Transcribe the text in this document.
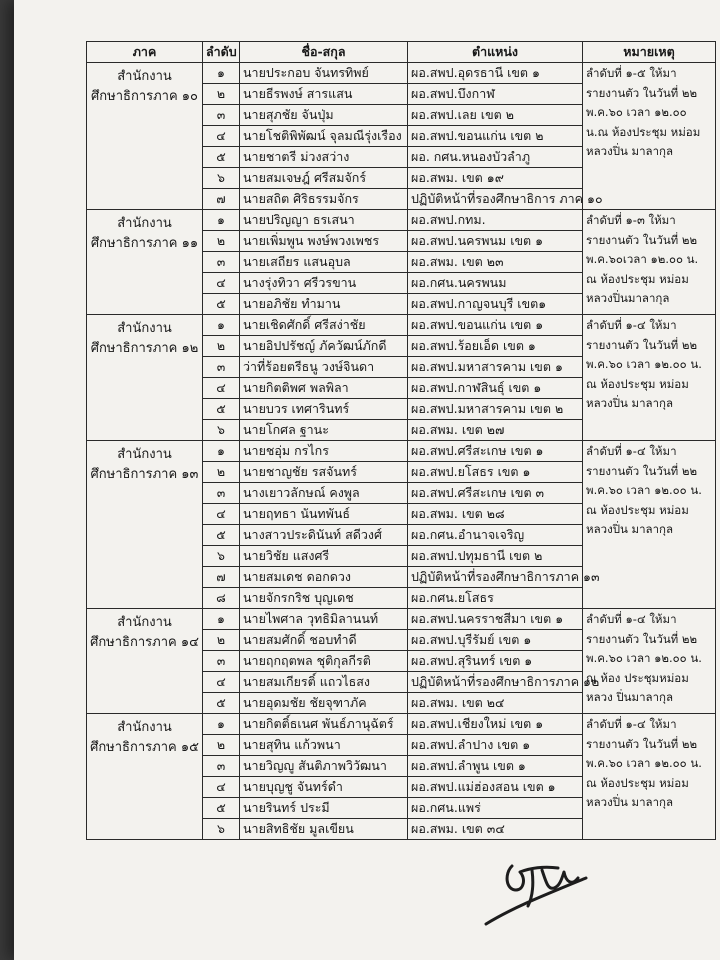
ภาค	ลำดับ	ชื่อ-สกุล	ตำแหน่ง	หมายเหตุ
สำนักงาน ศึกษาธิการภาค ๑๐	๑	นายประกอบ จันทรทิพย์	ผอ.สพป.อุดรธานี เขต ๑	ลำดับที่ ๑-๕ ให้มารายงานตัว ในวันที่ ๒๒ พ.ค.๖๐ เวลา ๑๒.๐๐ น.ณ ห้องประชุม หม่อมหลวงปิ่น มาลากุล
	๒	นายธีรพงษ์ สารแสน	ผอ.สพป.บึงกาฬ	
	๓	นายสุภชัย จันปุ่ม	ผอ.สพป.เลย เขต ๒	
	๔	นายโชติพิพัฒน์ จุลมณีรุ่งเรือง	ผอ.สพป.ขอนแก่น เขต ๒	
	๕	นายชาตรี ม่วงสว่าง	ผอ. กศน.หนองบัวลำภู	
	๖	นายสมเจษฎ์ ศรีสมจักร์	ผอ.สพม. เขต ๑๙	
	๗	นายสถิต ศิริธรรมจักร	ปฏิบัติหน้าที่รองศึกษาธิการ ภาค ๑๐	
สำนักงาน ศึกษาธิการภาค ๑๑	๑	นายปริญญา ธรเสนา	ผอ.สพป.กทม.	ลำดับที่ ๑-๓ ให้มารายงานตัว ในวันที่ ๒๒ พ.ค.๖๐เวลา ๑๒.๐๐ น. ณ ห้องประชุม หม่อมหลวงปิ่นมาลากุล
	๒	นายเพิ่มพูน พงษ์พวงเพชร	ผอ.สพป.นครพนม เขต ๑	
	๓	นายเสถียร แสนอุบล	ผอ.สพม. เขต ๒๓	
	๔	นางรุ่งทิวา ศรีวรขาน	ผอ.กศน.นครพนม	
	๕	นายอภิชัย ทำมาน	ผอ.สพป.กาญจนบุรี เขต๑	
สำนักงาน ศึกษาธิการภาค ๑๒	๑	นายเชิดศักดิ์ ศรีสง่าชัย	ผอ.สพป.ขอนแก่น เขต ๑	ลำดับที่ ๑-๔ ให้มารายงานตัว ในวันที่ ๒๒ พ.ค.๖๐ เวลา ๑๒.๐๐ น. ณ ห้องประชุม หม่อมหลวงปิ่น มาลากุล
	๒	นายอิปปรัชญ์ ภัควัฒน์ภักดี	ผอ.สพป.ร้อยเอ็ด เขต ๑	
	๓	ว่าที่ร้อยตรีธนู วงษ์จินดา	ผอ.สพป.มหาสารคาม เขต ๑	
	๔	นายกิตติพศ พลพิลา	ผอ.สพป.กาฬสินธุ์ เขต ๑	
	๕	นายบวร เทศารินทร์	ผอ.สพป.มหาสารคาม เขต ๒	
	๖	นายโกศล ฐานะ	ผอ.สพม. เขต ๒๗	
สำนักงาน ศึกษาธิการภาค ๑๓	๑	นายชอุ่ม กรไกร	ผอ.สพป.ศรีสะเกษ เขต ๑	ลำดับที่ ๑-๔ ให้มารายงานตัว ในวันที่ ๒๒ พ.ค.๖๐ เวลา ๑๒.๐๐ น. ณ ห้องประชุม หม่อมหลวงปิ่น มาลากุล
	๒	นายชาญชัย รสจันทร์	ผอ.สพป.ยโสธร เขต ๑	
	๓	นางเยาวลักษณ์ คงพูล	ผอ.สพป.ศรีสะเกษ เขต ๓	
	๔	นายฤทธา นันทพันธ์	ผอ.สพม. เขต ๒๘	
	๕	นางสาวประดินันท์ สดีวงศ์	ผอ.กศน.อำนาจเจริญ	
	๖	นายวิชัย แสงศรี	ผอ.สพป.ปทุมธานี เขต ๒	
	๗	นายสมเดช ดอกดวง	ปฏิบัติหน้าที่รองศึกษาธิการภาค ๑๓	
	๘	นายจักรกริช บุญเดช	ผอ.กศน.ยโสธร	
สำนักงาน ศึกษาธิการภาค ๑๔	๑	นายไพศาล วุทธิมิลานนท์	ผอ.สพป.นครราชสีมา เขต ๑	ลำดับที่ ๑-๔ ให้มา รายงานตัว ในวันที่ ๒๒ พ.ค.๖๐ เวลา ๑๒.๐๐ น. ณ ห้อง ประชุมหม่อมหลวง ปิ่นมาลากุล
	๒	นายสมศักดิ์ ชอบทำดี	ผอ.สพป.บุรีรัมย์ เขต ๑	
	๓	นายฤกฤตพล ชุติกุลกีรติ	ผอ.สพป.สุรินทร์ เขต ๑	
	๔	นายสมเกียรติ์ แถวไธสง	ปฏิบัติหน้าที่รองศึกษาธิการภาค ๑๒	
	๕	นายอุดมชัย ชัยจุฑาภัค	ผอ.สพม. เขต ๒๔	
สำนักงาน ศึกษาธิการภาค ๑๕	๑	นายกิตติ์ธเนศ พันธ์ภานุฉัตร์	ผอ.สพป.เชียงใหม่ เขต ๑	ลำดับที่ ๑-๔ ให้มารายงานตัว ในวันที่ ๒๒ พ.ค.๖๐ เวลา ๑๒.๐๐ น. ณ ห้องประชุม หม่อมหลวงปิ่น มาลากุล
	๒	นายสุทิน แก้วพนา	ผอ.สพป.ลำปาง เขต ๑	
	๓	นายวิญญู สันติภาพวิวัฒนา	ผอ.สพป.ลำพูน เขต ๑	
	๔	นายบุญชู จันทร์ดำ	ผอ.สพป.แม่ฮ่องสอน เขต ๑	
	๕	นายรินทร์ ประมี	ผอ.กศน.แพร่	
	๖	นายสิทธิชัย มูลเขียน	ผอ.สพม. เขต ๓๔	
